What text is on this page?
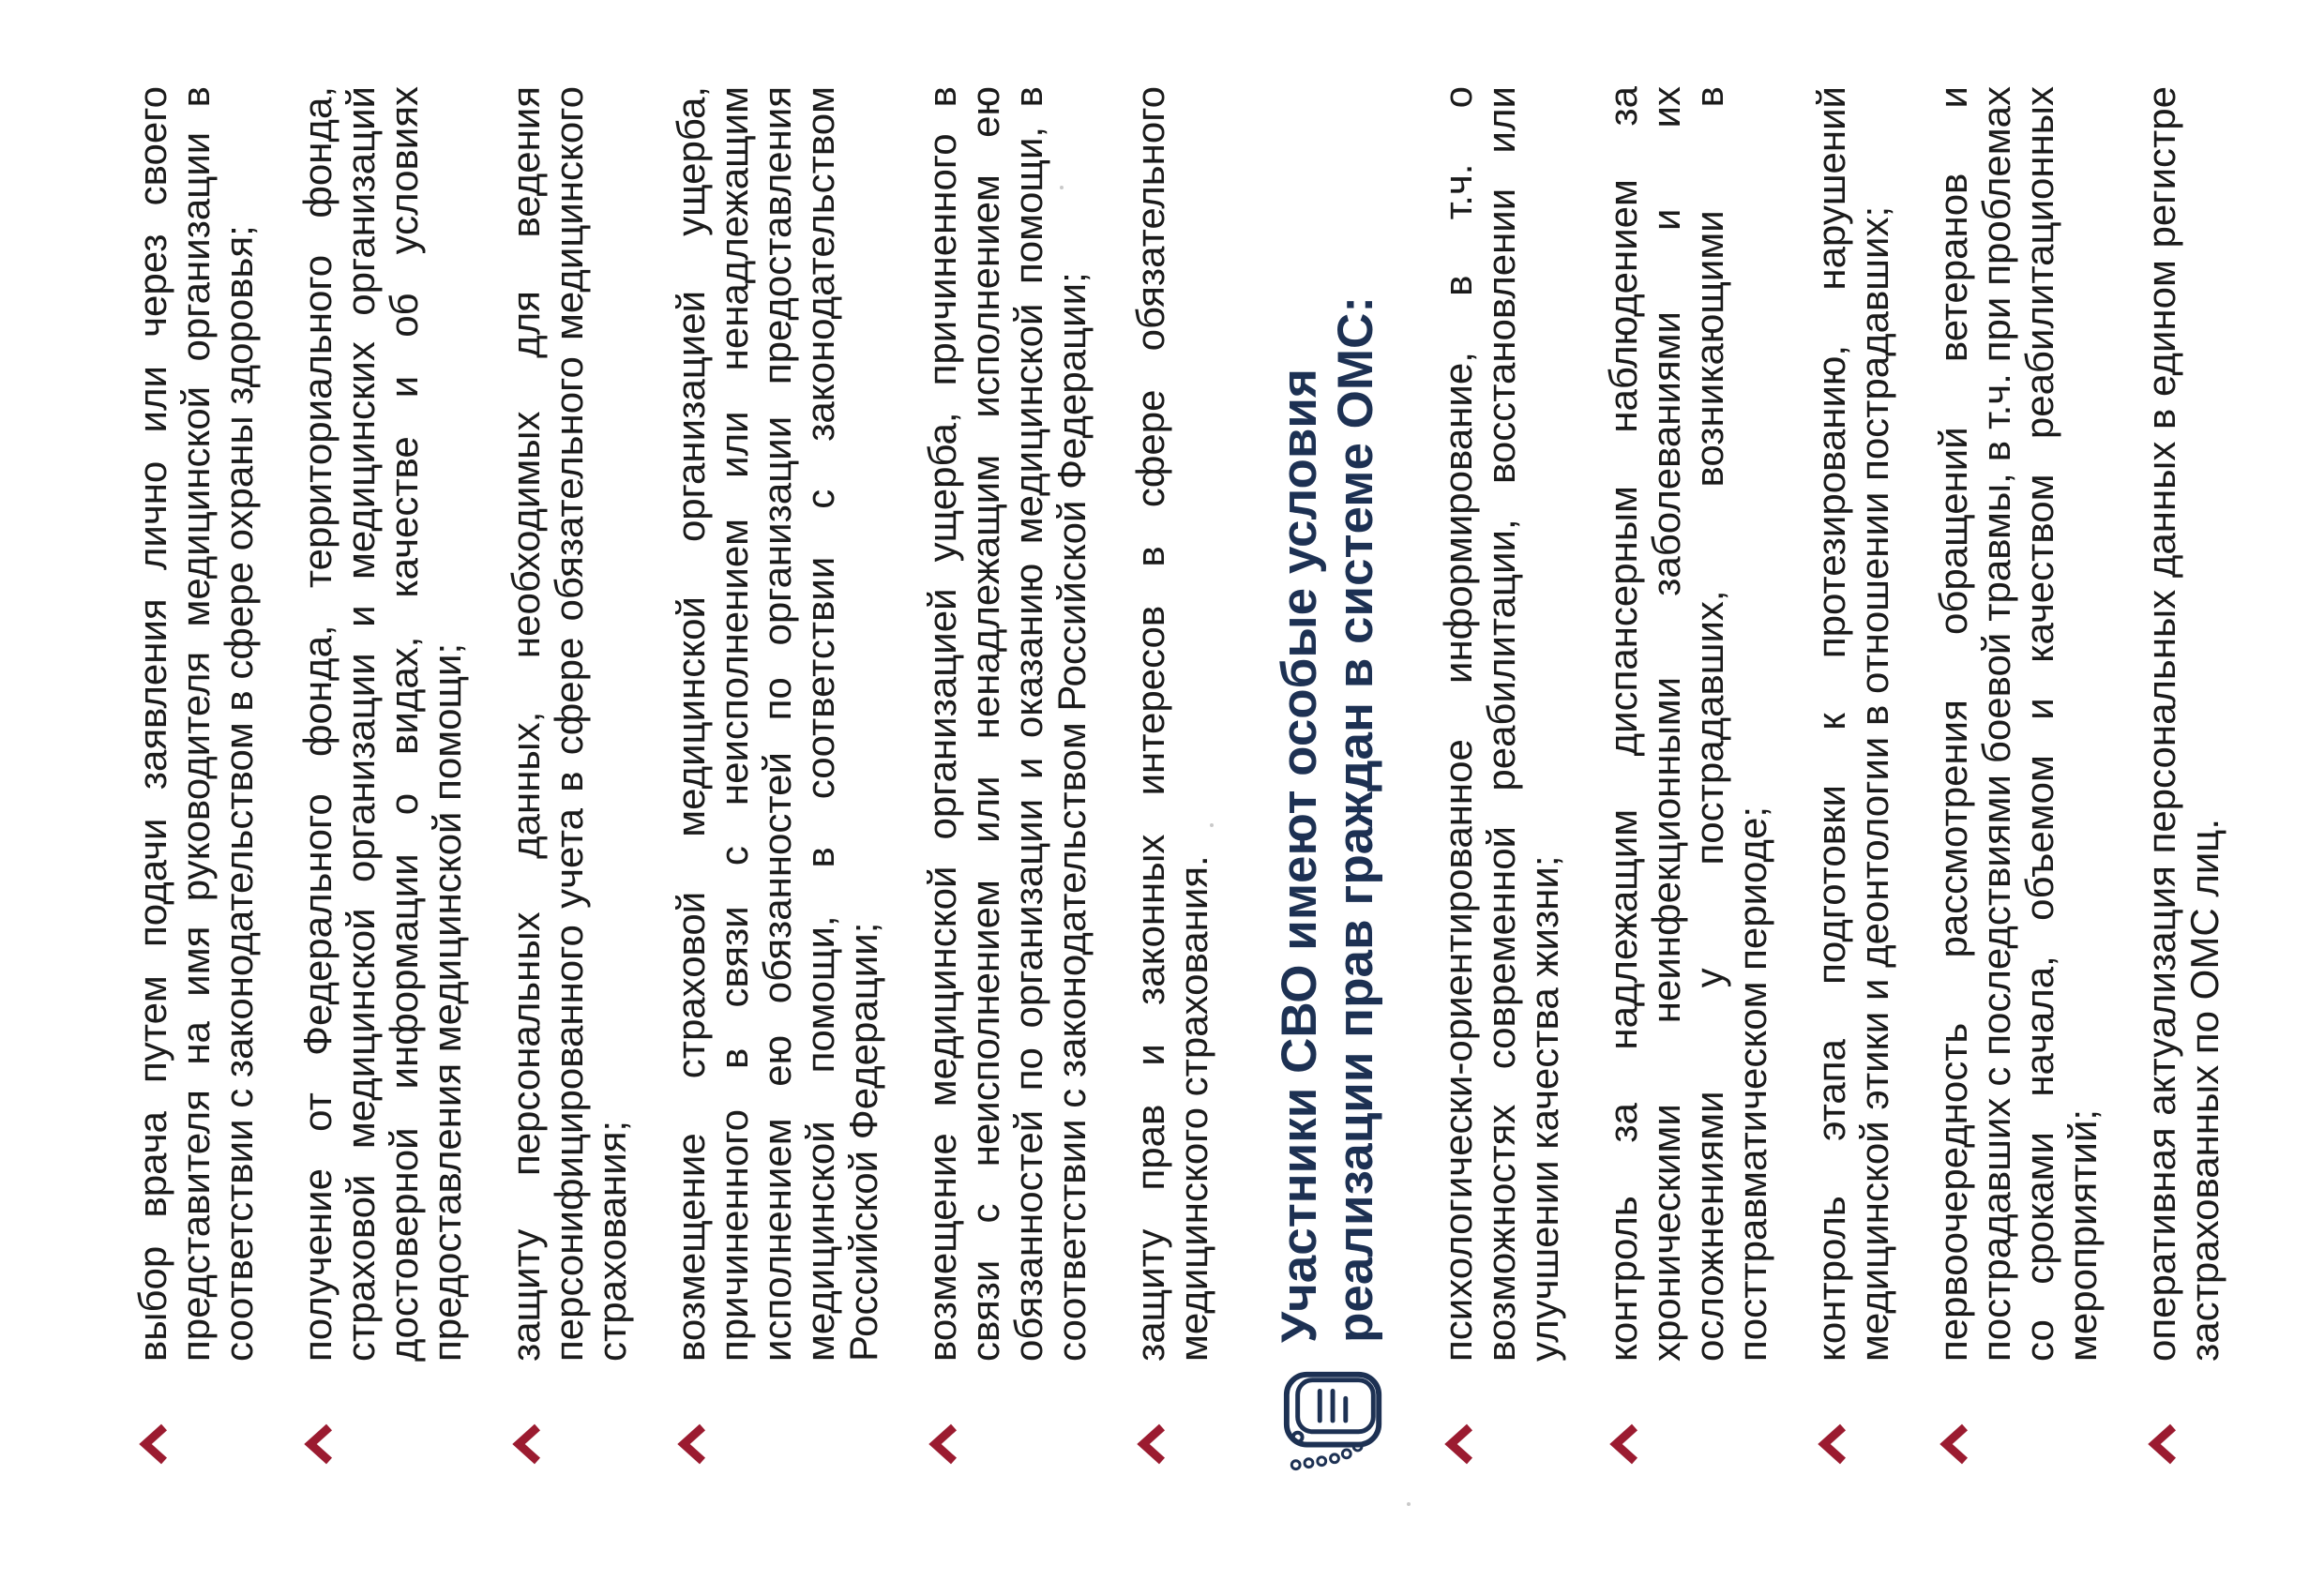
выбор врача путем подачи заявления лично или через своего представителя на имя руководителя медицинской организации в соответствии с законодательством в сфере охраны здоровья; получение от Федерального фонда, территориального фонда, страховой медицинской организации и медицинских организаций достоверной информации о видах, качестве и об условиях предоставления медицинской помощи; защиту персональных данных, необходимых для ведения персонифицированного учета в сфере обязательного медицинского страхования; возмещение страховой медицинской организацией ущерба, причиненного в связи с неисполнением или ненадлежащим исполнением ею обязанностей по организации предоставления медицинской помощи, в соответствии с законодательством Российской Федерации; возмещение медицинской организацией ущерба, причиненного в связи с неисполнением или ненадлежащим исполнением ею обязанностей по организации и оказанию медицинской помощи, в соответствии с законодательством Российской Федерации; защиту прав и законных интересов в сфере обязательного медицинского страхования. Участники СВО имеют особые условия
реализации прав граждан в системе ОМС: психологически-ориентированное информирование, в т.ч. о возможностях современной реабилитации, восстановлении или улучшении качества жизни; контроль за надлежащим диспансерным наблюдением за хроническими неинфекционными заболеваниями и их осложнениями у пострадавших, возникающими в посттравматическом периоде; контроль этапа подготовки к протезированию, нарушений медицинской этики и деонтологии в отношении пострадавших; первоочередность рассмотрения обращений ветеранов и пострадавших с последствиями боевой травмы, в т.ч. при проблемах со сроками начала, объемом и качеством реабилитационных мероприятий; оперативная актуализация персональных данных в едином регистре застрахованных по ОМС лиц.
